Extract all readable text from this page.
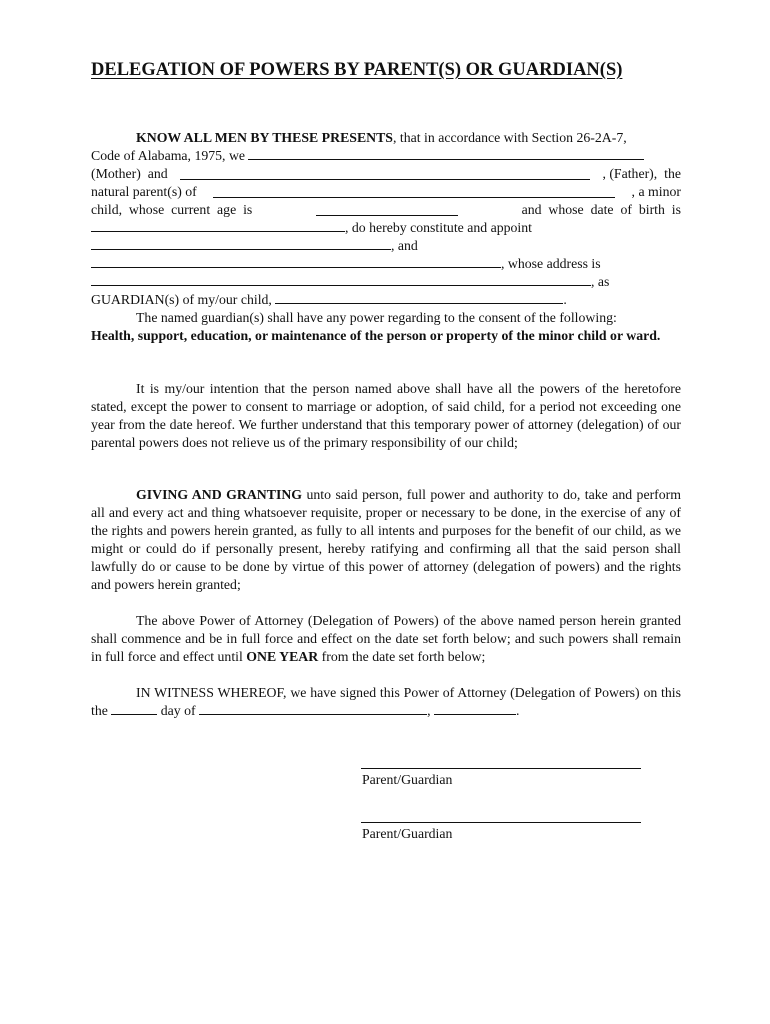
DELEGATION OF POWERS BY PARENT(S) OR GUARDIAN(S)
KNOW ALL MEN BY THESE PRESENTS, that in accordance with Section 26-2A-7,
Code of Alabama, 1975, we
(Mother)  and	, (Father),  the
natural parent(s) of	, a minor
child,  whose  current  age  is	and  whose  date  of  birth  is
, do hereby constitute and appoint
, and
, whose address is
, as
GUARDIAN(s) of my/our child,	.
The named guardian(s) shall have any power regarding to the consent of the following:
Health, support, education, or maintenance of the person or property of the minor child or ward.
It is my/our intention that the person named above shall have all the powers of the heretofore stated, except the power to consent to marriage or adoption, of said child, for a period not exceeding one year from the date hereof. We further understand that this temporary power of attorney (delegation) of our parental powers does not relieve us of the primary responsibility of our child;
GIVING AND GRANTING unto said person, full power and authority to do, take and perform all and every act and thing whatsoever requisite, proper or necessary to be done, in the exercise of any of the rights and powers herein granted, as fully to all intents and purposes for the benefit of our child, as we might or could do if personally present, hereby ratifying and confirming all that the said person shall lawfully do or cause to be done by virtue of this power of attorney (delegation of powers) and the rights and powers herein granted;
The above Power of Attorney (Delegation of Powers) of the above named person herein granted shall commence and be in full force and effect on the date set forth below; and such powers shall remain in full force and effect until ONE YEAR from the date set forth below;
IN WITNESS WHEREOF, we have signed this Power of Attorney (Delegation of Powers) on this the	day of	,	.
Parent/Guardian
Parent/Guardian
